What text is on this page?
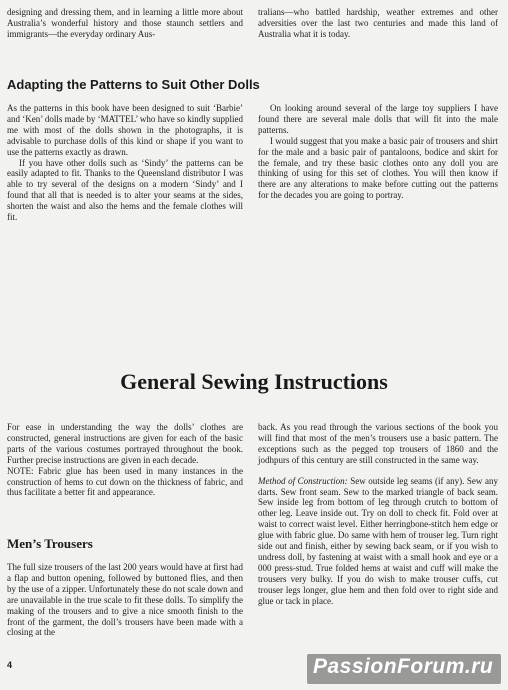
designing and dressing them, and in learning a little more about Australia’s wonderful history and those staunch settlers and immigrants—the everyday ordinary Aus-

tralians—who battled hardship, weather extremes and other adversities over the last two centuries and made this land of Australia what it is today.

Adapting the Patterns to Suit Other Dolls

As the patterns in this book have been designed to suit ‘Barbie’ and ‘Ken’ dolls made by ‘MATTEL’ who have so kindly supplied me with most of the dolls shown in the photographs, it is advisable to purchase dolls of this kind or shape if you want to use the patterns exactly as drawn.

If you have other dolls such as ‘Sindy’ the patterns can be easily adapted to fit. Thanks to the Queensland distributor I was able to try several of the designs on a modern ‘Sindy’ and I found that all that is needed is to alter your seams at the sides, shorten the waist and also the hems and the female clothes will fit.

On looking around several of the large toy suppliers I have found there are several male dolls that will fit into the male patterns.

I would suggest that you make a basic pair of trousers and shirt for the male and a basic pair of pantaloons, bodice and skirt for the female, and try these basic clothes onto any doll you are thinking of using for this set of clothes. You will then know if there are any alterations to make before cutting out the patterns for the decades you are going to portray.

General Sewing Instructions

For ease in understanding the way the dolls’ clothes are constructed, general instructions are given for each of the basic parts of the various costumes portrayed throughout the book. Further precise instructions are given in each decade.

NOTE: Fabric glue has been used in many instances in the construction of hems to cut down on the thickness of fabric, and thus facilitate a better fit and appearance.

Men’s Trousers

The full size trousers of the last 200 years would have at first had a flap and button opening, followed by buttoned flies, and then by the use of a zipper. Unfortunately these do not scale down and are unavailable in the true scale to fit these dolls. To simplify the making of the trousers and to give a nice smooth finish to the front of the garment, the doll’s trousers have been made with a closing at the

back. As you read through the various sections of the book you will find that most of the men’s trousers use a basic pattern. The exceptions such as the pegged top trousers of 1860 and the jodhpurs of this century are still constructed in the same way.

Method of Construction: Sew outside leg seams (if any). Sew any darts. Sew front seam. Sew to the marked triangle of back seam. Sew inside leg from bottom of leg through crutch to bottom of other leg. Leave inside out. Try on doll to check fit. Fold over at waist to correct waist level. Either herringbone-stitch hem edge or glue with fabric glue. Do same with hem of trouser leg. Turn right side out and finish, either by sewing back seam, or if you wish to undress doll, by fastening at waist with a small hook and eye or a 000 press-stud. True folded hems at waist and cuff will make the trousers very bulky. If you do wish to make trouser cuffs, cut trouser legs longer, glue hem and then fold over to right side and glue or tack in place.

4	PassionForum.ru
